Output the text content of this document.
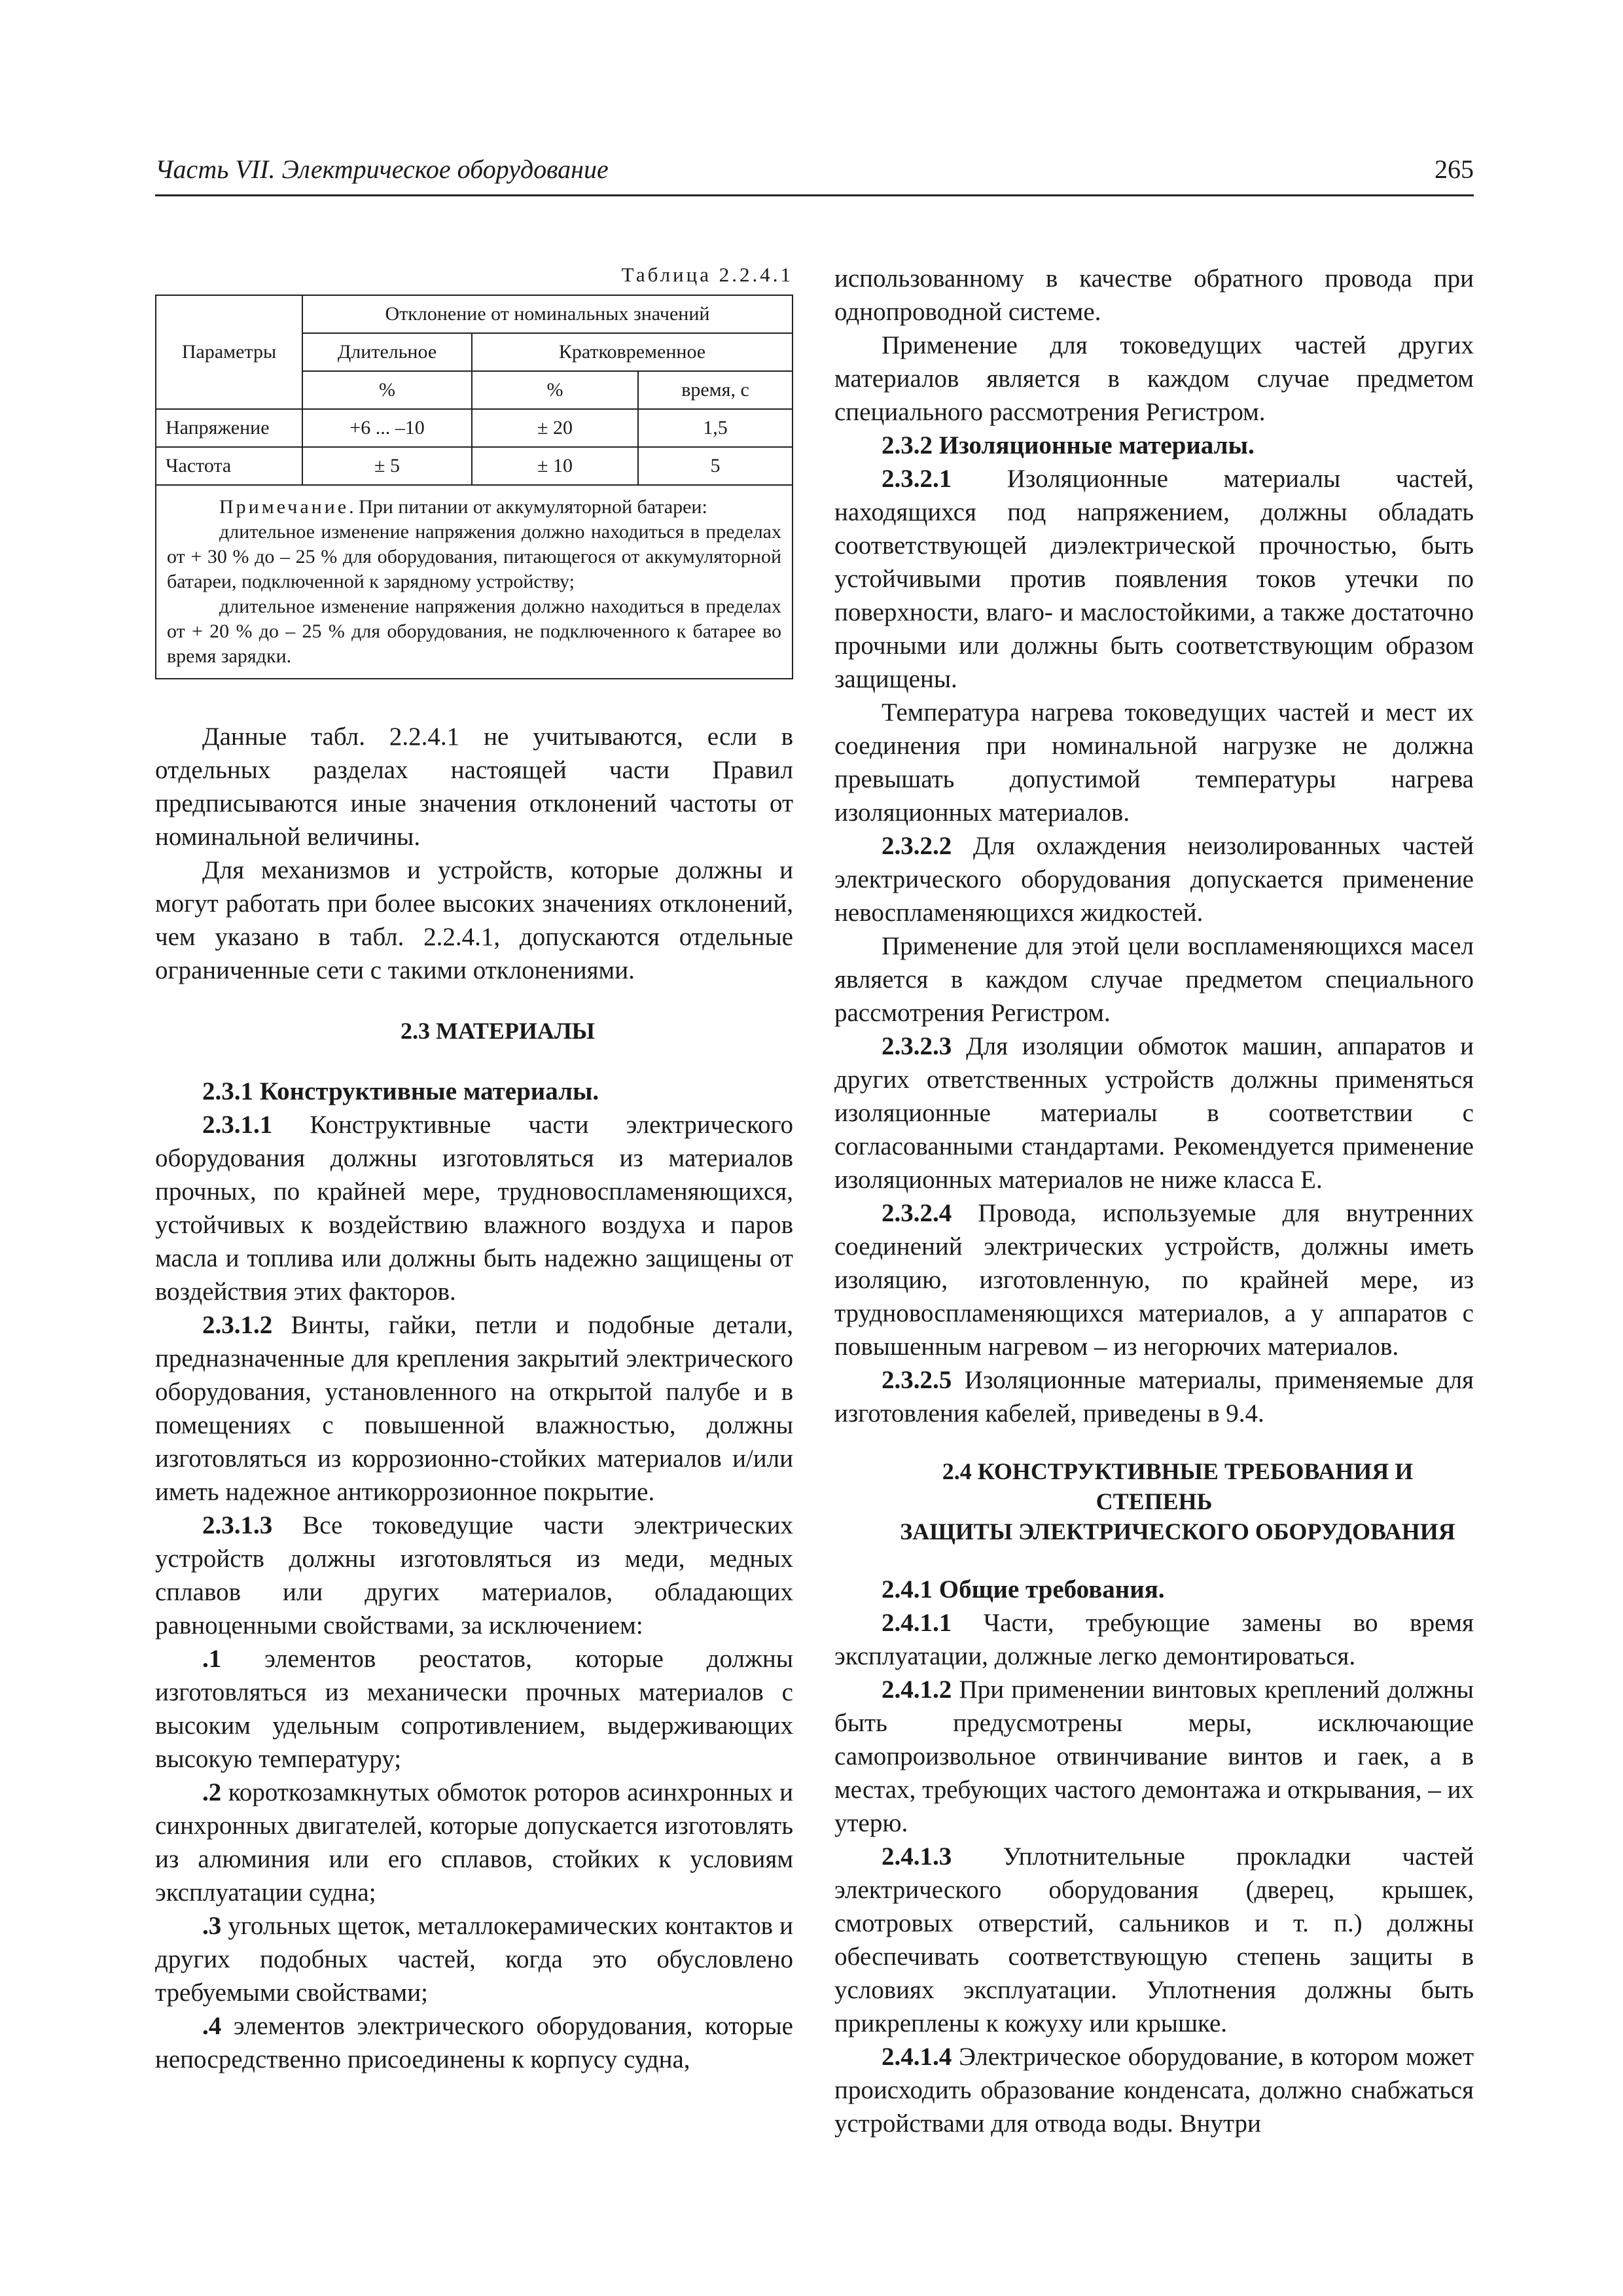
Часть VII. Электрическое оборудование	265
Таблица 2.2.4.1
Параметры	Отклонение от номинальных значений		
	Длительное	Кратковременное	
	%	%	время, с
Напряжение	+6 ... –10	± 20	1,5
Частота	± 5	± 10	5

Примечание. При питании от аккумуляторной батареи:

длительное изменение напряжения должно находиться в пределах от + 30 % до – 25 % для оборудования, питающегося от аккумуляторной батареи, подключенной к зарядному устройству;

длительное изменение напряжения должно находиться в пределах от + 20 % до – 25 % для оборудования, не подключенного к батарее во время зарядки.			

Данные табл. 2.2.4.1 не учитываются, если в отдельных разделах настоящей части Правил предписываются иные значения отклонений частоты от номинальной величины.

Для механизмов и устройств, которые должны и могут работать при более высоких значениях отклонений, чем указано в табл. 2.2.4.1, допускаются отдельные ограниченные сети с такими отклонениями.

2.3 МАТЕРИАЛЫ

2.3.1 Конструктивные материалы.

2.3.1.1 Конструктивные части электрического оборудования должны изготовляться из материалов прочных, по крайней мере, трудновоспламеняющихся, устойчивых к воздействию влажного воздуха и паров масла и топлива или должны быть надежно защищены от воздействия этих факторов.

2.3.1.2 Винты, гайки, петли и подобные детали, предназначенные для крепления закрытий электрического оборудования, установленного на открытой палубе и в помещениях с повышенной влажностью, должны изготовляться из коррозионно-стойких материалов и/или иметь надежное антикоррозионное покрытие.

2.3.1.3 Все токоведущие части электрических устройств должны изготовляться из меди, медных сплавов или других материалов, обладающих равноценными свойствами, за исключением:

.1 элементов реостатов, которые должны изготовляться из механически прочных материалов с высоким удельным сопротивлением, выдерживающих высокую температуру;

.2 короткозамкнутых обмоток роторов асинхронных и синхронных двигателей, которые допускается изготовлять из алюминия или его сплавов, стойких к условиям эксплуатации судна;

.3 угольных щеток, металлокерамических контактов и других подобных частей, когда это обусловлено требуемыми свойствами;

.4 элементов электрического оборудования, которые непосредственно присоединены к корпусу судна,

использованному в качестве обратного провода при однопроводной системе.

Применение для токоведущих частей других материалов является в каждом случае предметом специального рассмотрения Регистром.

2.3.2 Изоляционные материалы.

2.3.2.1 Изоляционные материалы частей, находящихся под напряжением, должны обладать соответствующей диэлектрической прочностью, быть устойчивыми против появления токов утечки по поверхности, влаго- и маслостойкими, а также достаточно прочными или должны быть соответствующим образом защищены.

Температура нагрева токоведущих частей и мест их соединения при номинальной нагрузке не должна превышать допустимой температуры нагрева изоляционных материалов.

2.3.2.2 Для охлаждения неизолированных частей электрического оборудования допускается применение невоспламеняющихся жидкостей.

Применение для этой цели воспламеняющихся масел является в каждом случае предметом специального рассмотрения Регистром.

2.3.2.3 Для изоляции обмоток машин, аппаратов и других ответственных устройств должны применяться изоляционные материалы в соответствии с согласованными стандартами. Рекомендуется применение изоляционных материалов не ниже класса Е.

2.3.2.4 Провода, используемые для внутренних соединений электрических устройств, должны иметь изоляцию, изготовленную, по крайней мере, из трудновоспламеняющихся материалов, а у аппаратов с повышенным нагревом – из негорючих материалов.

2.3.2.5 Изоляционные материалы, применяемые для изготовления кабелей, приведены в 9.4.

2.4 КОНСТРУКТИВНЫЕ ТРЕБОВАНИЯ И СТЕПЕНЬ

ЗАЩИТЫ ЭЛЕКТРИЧЕСКОГО ОБОРУДОВАНИЯ

2.4.1 Общие требования.

2.4.1.1 Части, требующие замены во время эксплуатации, должные легко демонтироваться.

2.4.1.2 При применении винтовых креплений должны быть предусмотрены меры, исключающие самопроизвольное отвинчивание винтов и гаек, а в местах, требующих частого демонтажа и открывания, – их утерю.

2.4.1.3 Уплотнительные прокладки частей электрического оборудования (дверец, крышек, смотровых отверстий, сальников и т. п.) должны обеспечивать соответствующую степень защиты в условиях эксплуатации. Уплотнения должны быть прикреплены к кожуху или крышке.

2.4.1.4 Электрическое оборудование, в котором может происходить образование конденсата, должно снабжаться устройствами для отвода воды. Внутри
